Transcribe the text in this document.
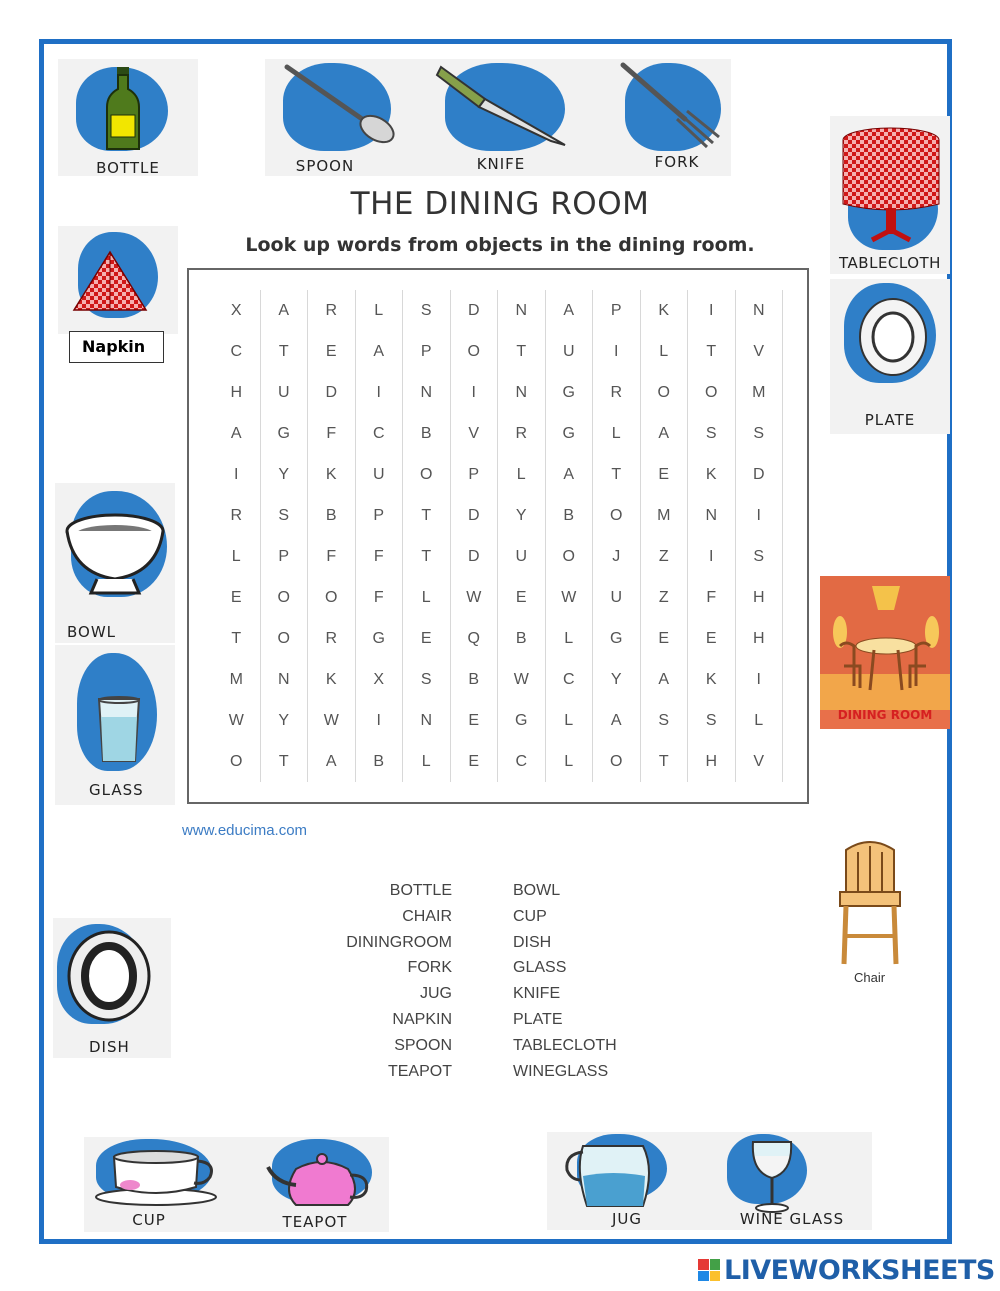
BOTTLE	SPOON	KNIFE	FORK
TABLECLOTH
PLATE
Napkin
BOWL
GLASS
DINING ROOM
Chair
DISH
CUP	TEAPOT	JUG	WINE GLASS
THE DINING ROOM
Look up words from objects in the dining room.
X	A	R	L	S	D	N	A	P	K	I	N
C	T	E	A	P	O	T	U	I	L	T	V
H	U	D	I	N	I	N	G	R	O	O	M
A	G	F	C	B	V	R	G	L	A	S	S
I	Y	K	U	O	P	L	A	T	E	K	D
R	S	B	P	T	D	Y	B	O	M	N	I
L	P	F	F	T	D	U	O	J	Z	I	S
E	O	O	F	L	W	E	W	U	Z	F	H
T	O	R	G	E	Q	B	L	G	E	E	H
M	N	K	X	S	B	W	C	Y	A	K	I
W	Y	W	I	N	E	G	L	A	S	S	L
O	T	A	B	L	E	C	L	O	T	H	V
www.educima.com
BOTTLE
CHAIR
DININGROOM
FORK
JUG
NAPKIN
SPOON
TEAPOT
BOWL
CUP
DISH
GLASS
KNIFE
PLATE
TABLECLOTH
WINEGLASS
LIVEWORKSHEETS
